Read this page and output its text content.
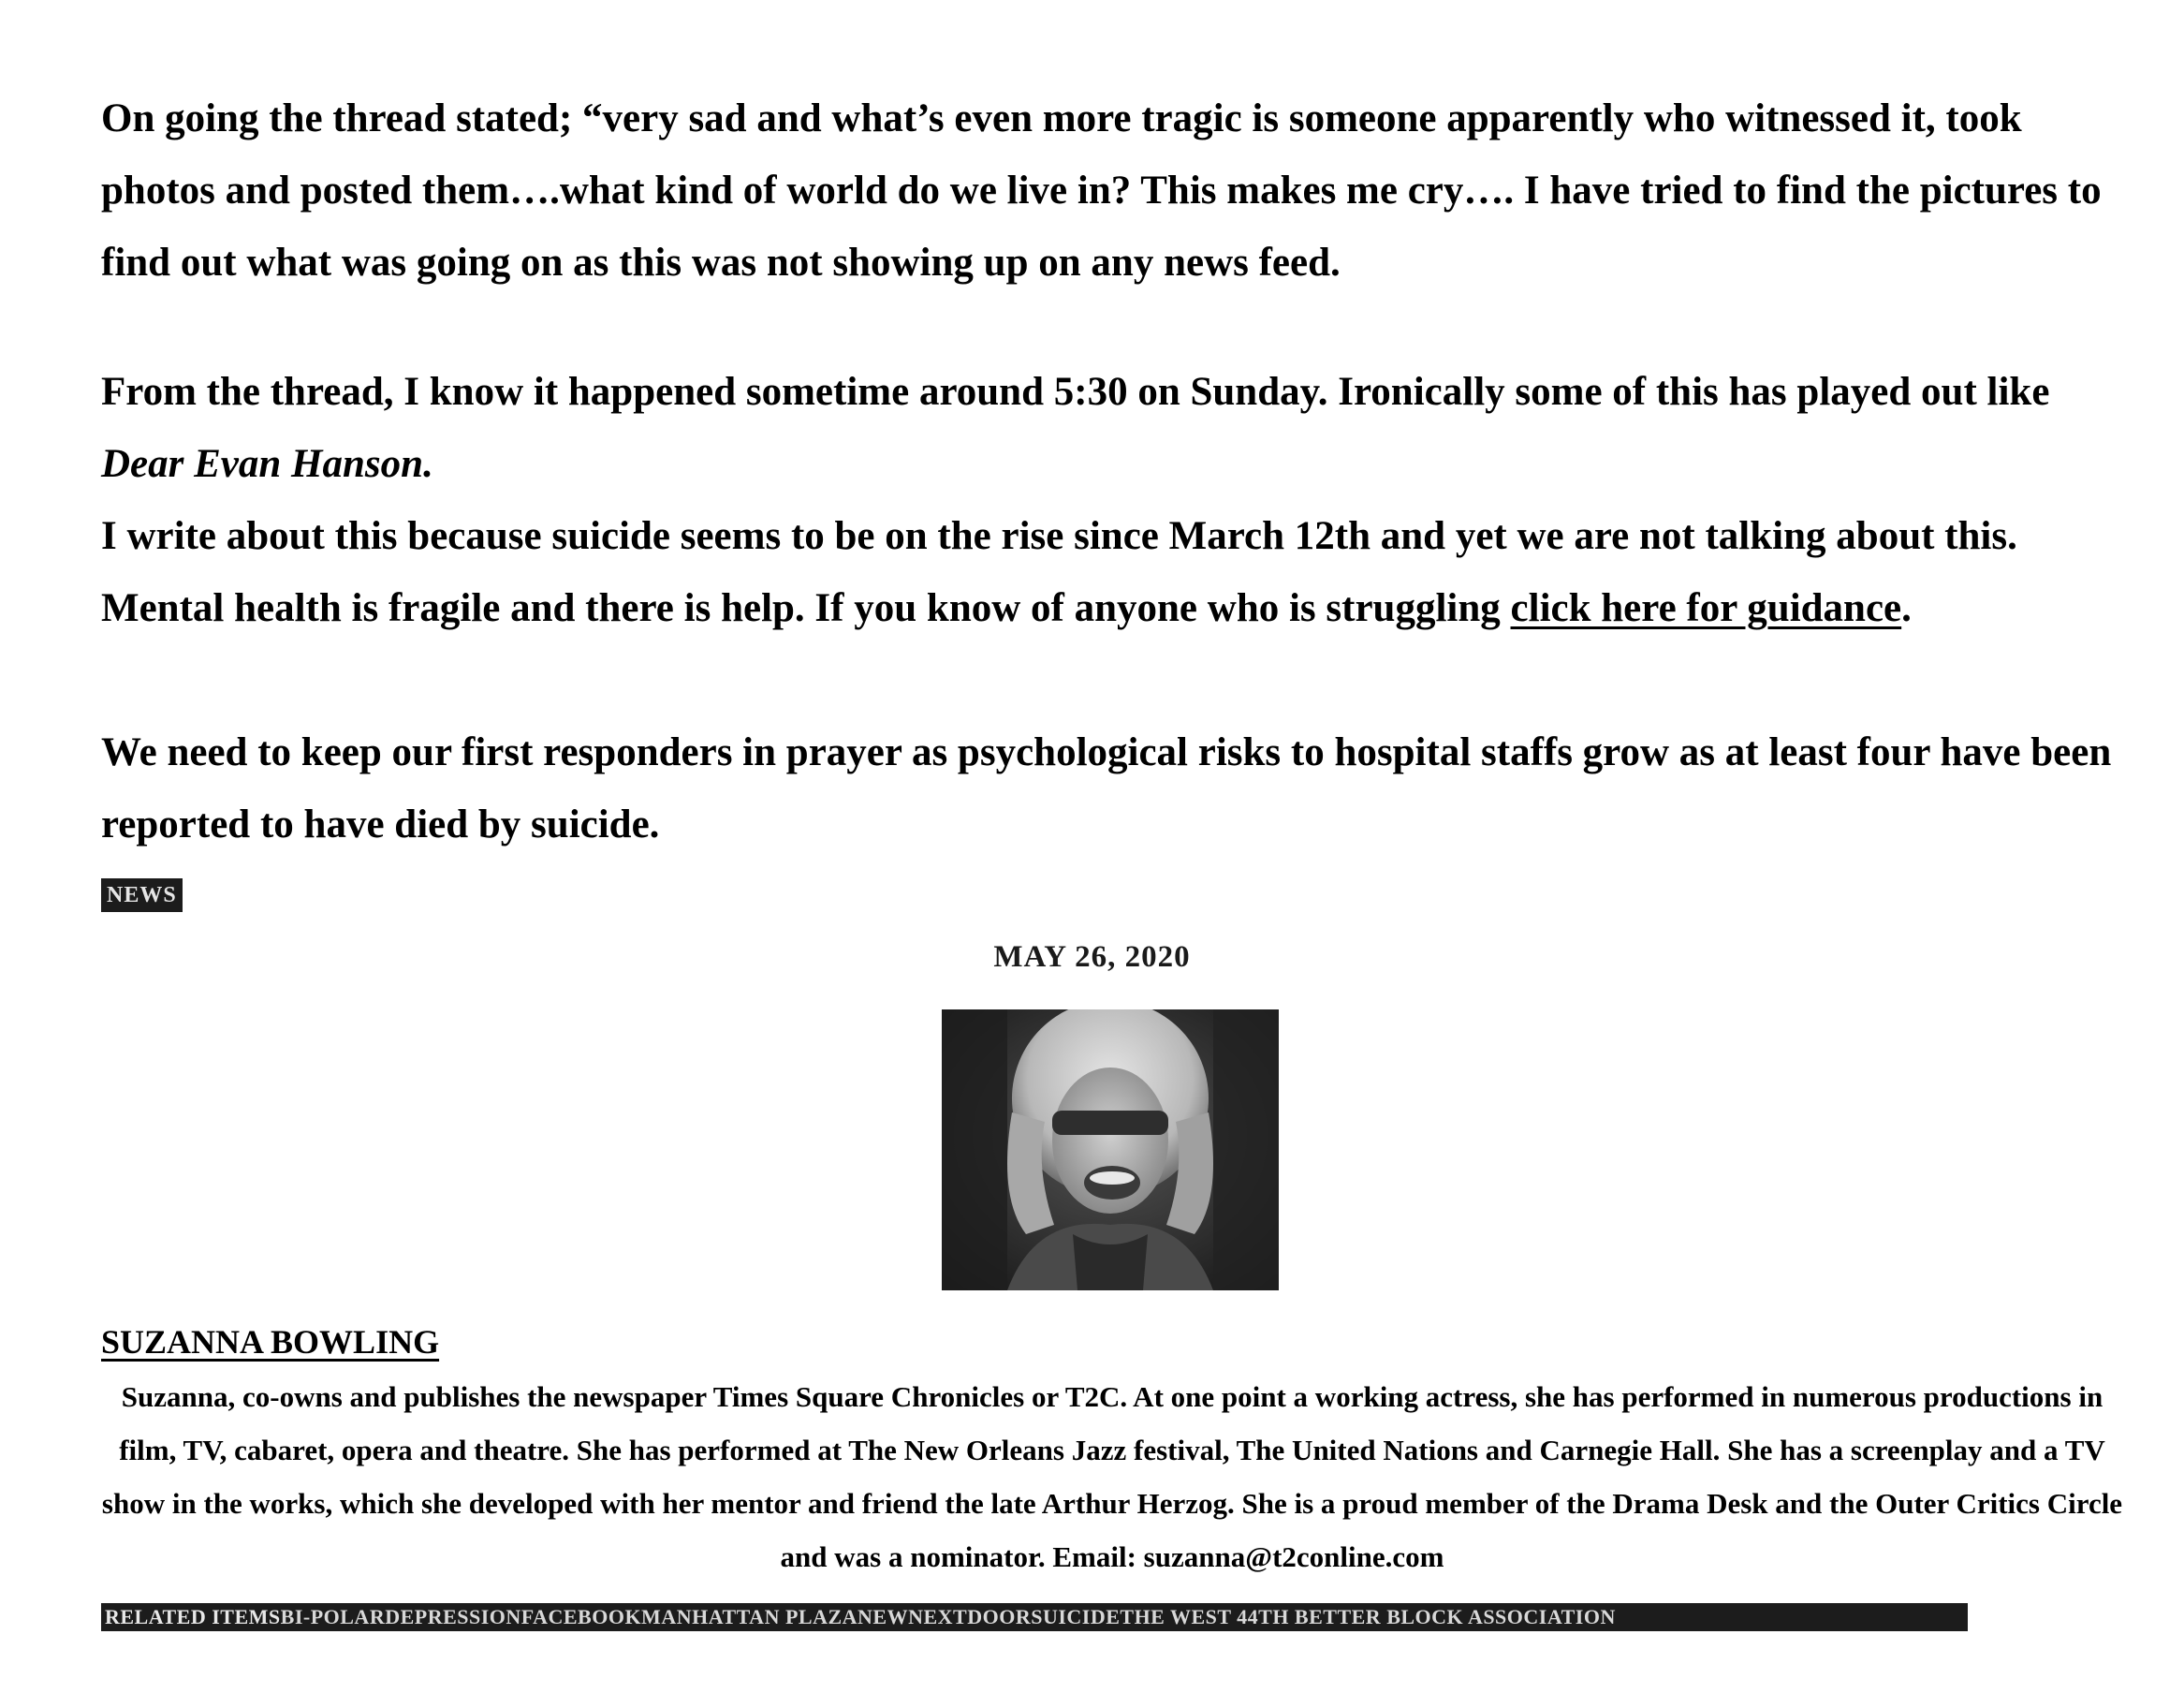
On going the thread stated; “very sad and what’s even more tragic is someone apparently who witnessed it, took photos and posted them….what kind of world do we live in? This makes me cry…. I have tried to find the pictures to find out what was going on as this was not showing up on any news feed.

From the thread, I know it happened sometime around 5:30 on Sunday. Ironically some of this has played out like Dear Evan Hanson.

I write about this because suicide seems to be on the rise since March 12th and yet we are not talking about this. Mental health is fragile and there is help. If you know of anyone who is struggling click here for guidance.

We need to keep our first responders in prayer as psychological risks to hospital staffs grow as at least four have been reported to have died by suicide.

NEWS
MAY 26, 2020
SUZANNA BOWLING

Suzanna, co-owns and publishes the newspaper Times Square Chronicles or T2C. At one point a working actress, she has performed in numerous productions in film, TV, cabaret, opera and theatre. She has performed at The New Orleans Jazz festival, The United Nations and Carnegie Hall. She has a screenplay and a TV show in the works, which she developed with her mentor and friend the late Arthur Herzog. She is a proud member of the Drama Desk and the Outer Critics Circle and was a nominator. Email: suzanna@t2conline.com

RELATED ITEMSBI-POLARDEPRESSIONFACEBOOKMANHATTAN PLAZANEWNEXTDOORSUICIDETHE WEST 44TH BETTER BLOCK ASSOCIATION
